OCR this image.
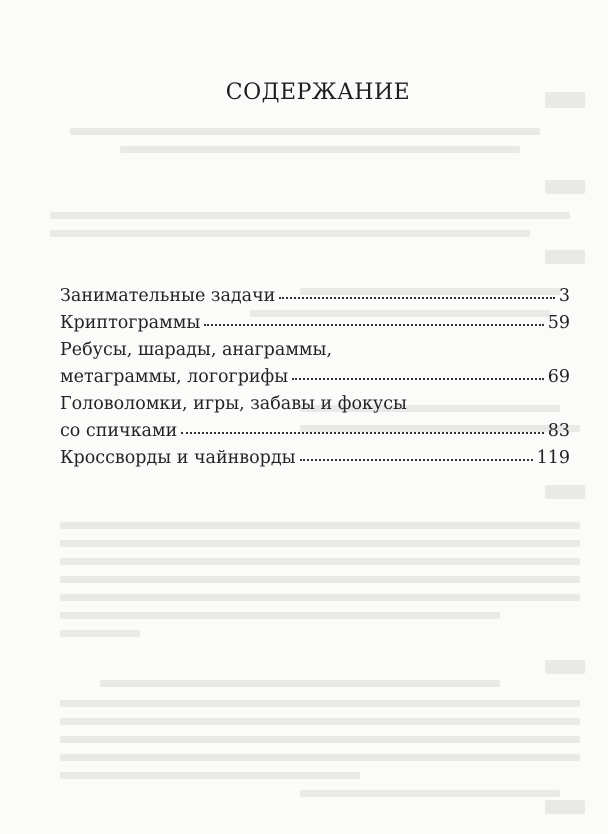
СОДЕРЖАНИЕ
Занимательные задачи	3
Криптограммы	59
Ребусы, шарады, анаграммы,
метаграммы, логогрифы	69
Головоломки, игры, забавы и фокусы
со спичками	83
Кроссворды и чайнворды	119
